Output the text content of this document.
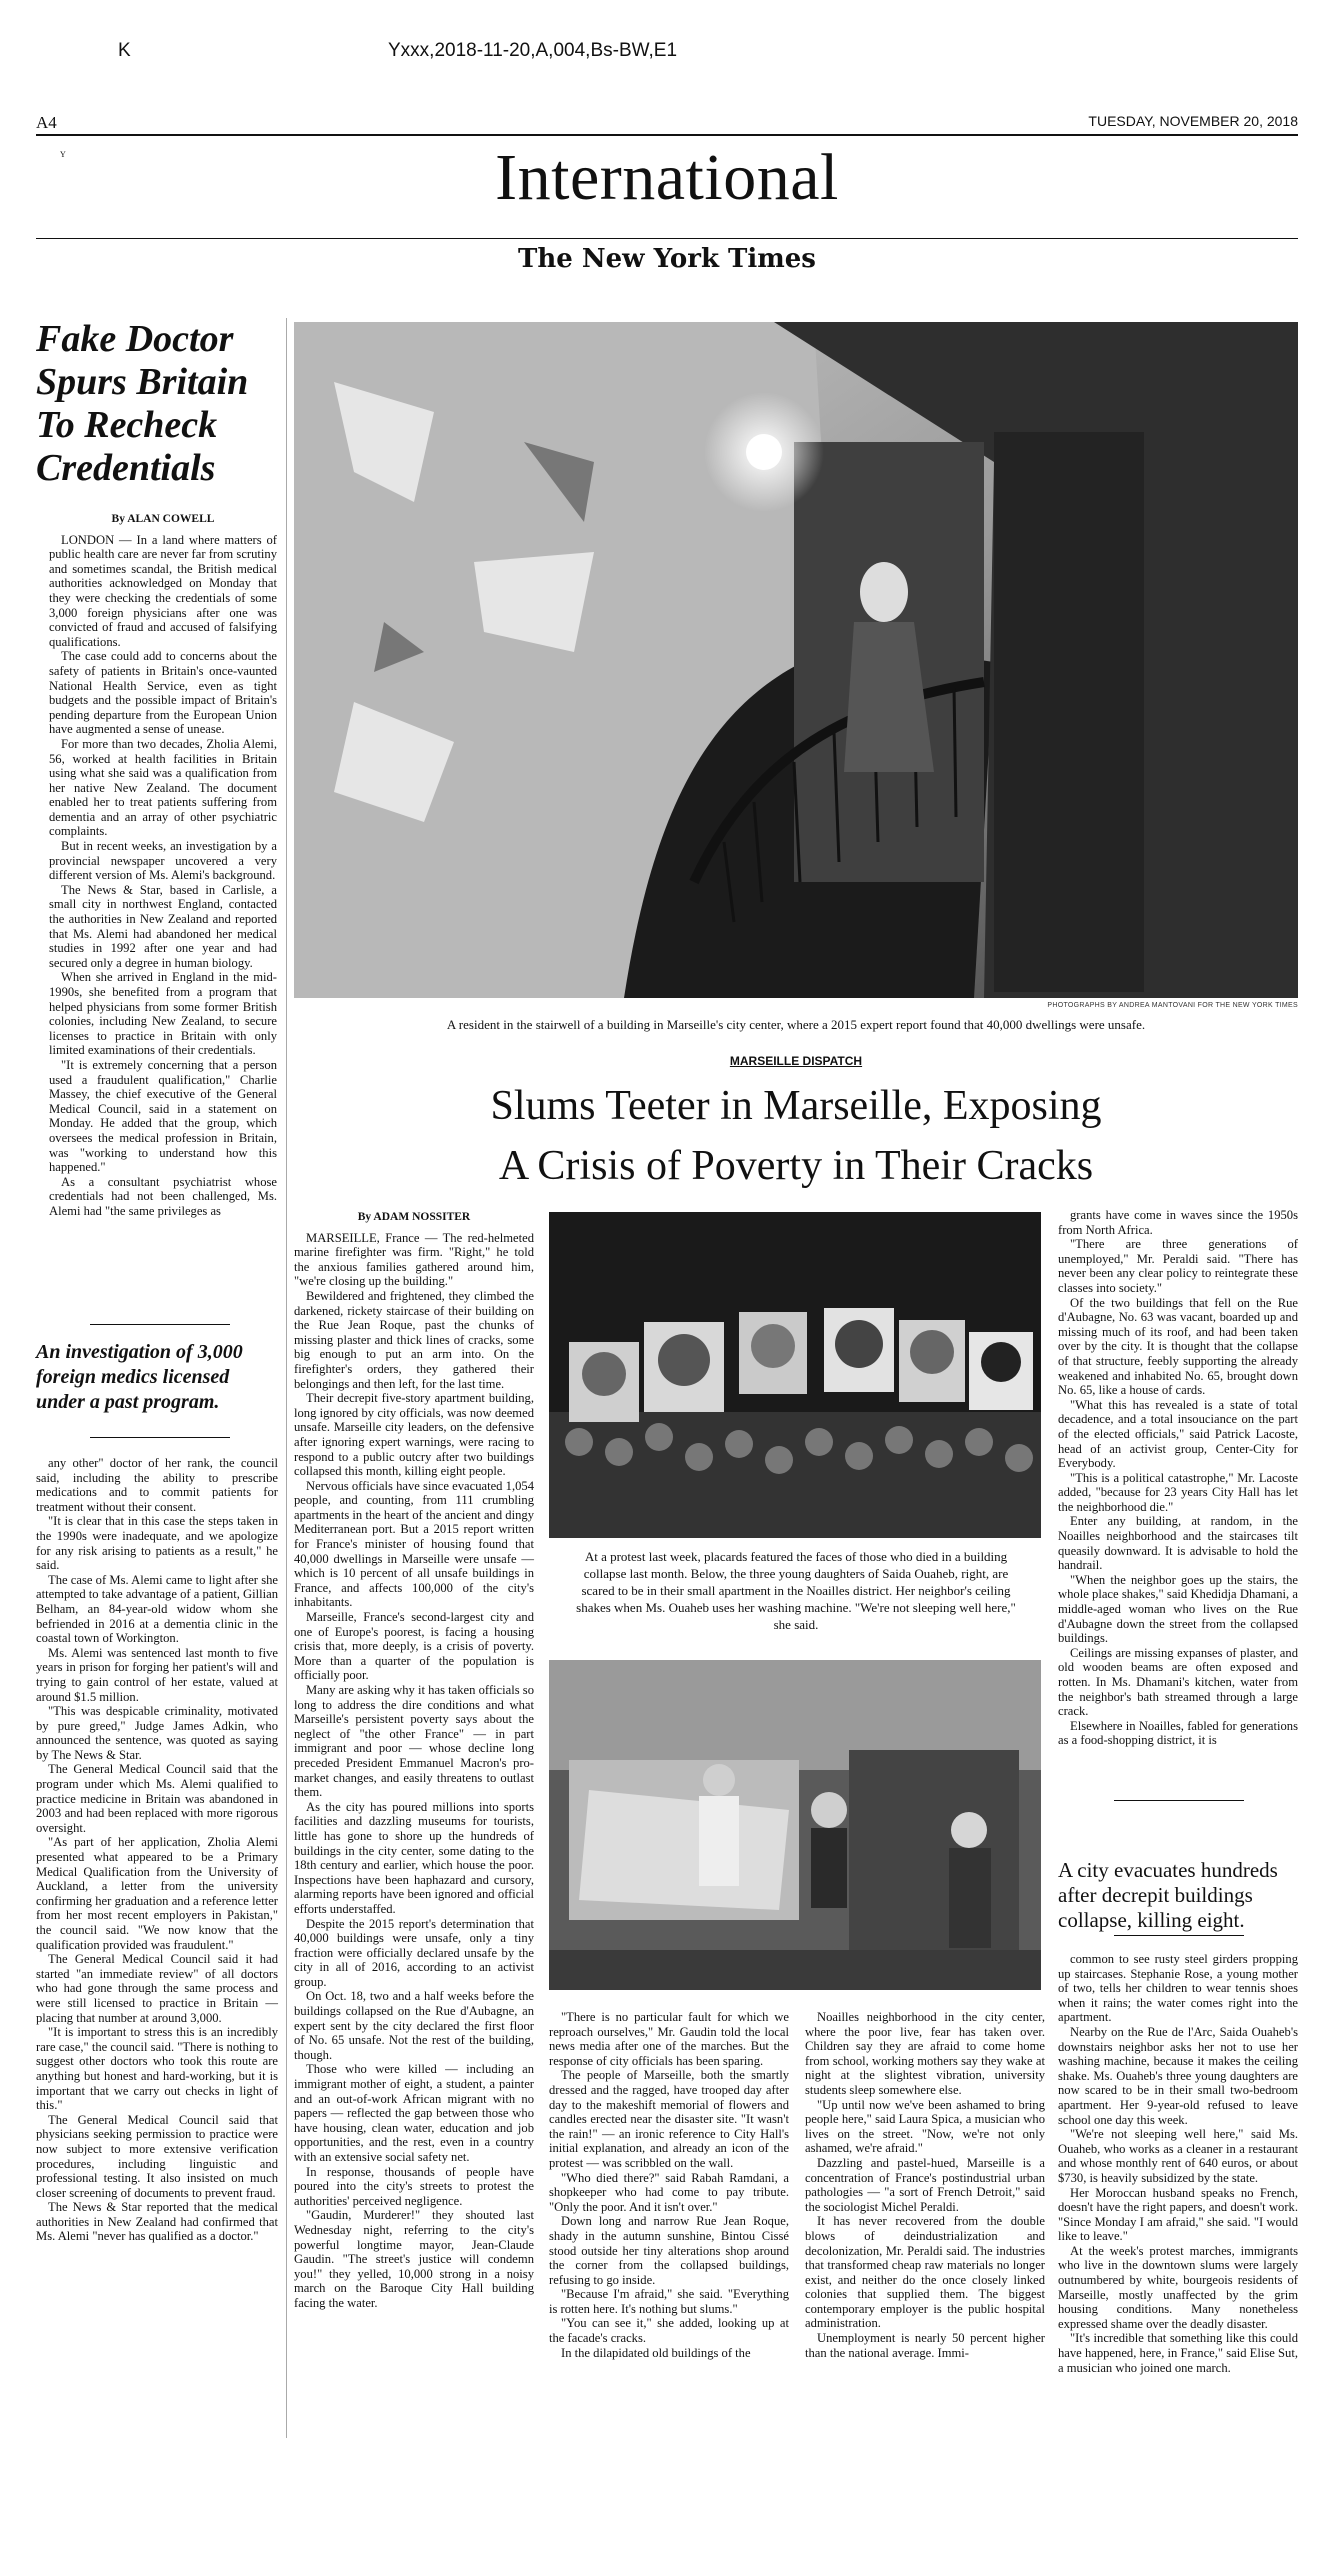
K	Yxxx,2018-11-20,A,004,Bs-BW,E1
A4	TUESDAY, NOVEMBER 20, 2018
Y	International
The New York Times
Fake Doctor Spurs Britain To Recheck Credentials
By ALAN COWELL

LONDON — In a land where matters of public health care are never far from scrutiny and sometimes scandal, the British medical authorities acknowledged on Monday that they were checking the credentials of some 3,000 foreign physicians after one was convicted of fraud and accused of falsifying qualifications.

The case could add to concerns about the safety of patients in Britain's once-vaunted National Health Service, even as tight budgets and the possible impact of Britain's pending departure from the European Union have augmented a sense of unease.

For more than two decades, Zholia Alemi, 56, worked at health facilities in Britain using what she said was a qualification from her native New Zealand. The document enabled her to treat patients suffering from dementia and an array of other psychiatric complaints.

But in recent weeks, an investigation by a provincial newspaper uncovered a very different version of Ms. Alemi's background.

The News & Star, based in Carlisle, a small city in northwest England, contacted the authorities in New Zealand and reported that Ms. Alemi had abandoned her medical studies in 1992 after one year and had secured only a degree in human biology.

When she arrived in England in the mid-1990s, she benefited from a program that helped physicians from some former British colonies, including New Zealand, to secure licenses to practice in Britain with only limited examinations of their credentials.

"It is extremely concerning that a person used a fraudulent qualification," Charlie Massey, the chief executive of the General Medical Council, said in a statement on Monday. He added that the group, which oversees the medical profession in Britain, was "working to understand how this happened."

As a consultant psychiatrist whose credentials had not been challenged, Ms. Alemi had "the same privileges as

An investigation of 3,000 foreign medics licensed under a past program.

any other" doctor of her rank, the council said, including the ability to prescribe medications and to commit patients for treatment without their consent.

"It is clear that in this case the steps taken in the 1990s were inadequate, and we apologize for any risk arising to patients as a result," he said.

The case of Ms. Alemi came to light after she attempted to take advantage of a patient, Gillian Belham, an 84-year-old widow whom she befriended in 2016 at a dementia clinic in the coastal town of Workington.

Ms. Alemi was sentenced last month to five years in prison for forging her patient's will and trying to gain control of her estate, valued at around $1.5 million.

"This was despicable criminality, motivated by pure greed," Judge James Adkin, who announced the sentence, was quoted as saying by The News & Star.

The General Medical Council said that the program under which Ms. Alemi qualified to practice medicine in Britain was abandoned in 2003 and had been replaced with more rigorous oversight.

"As part of her application, Zholia Alemi presented what appeared to be a Primary Medical Qualification from the University of Auckland, a letter from the university confirming her graduation and a reference letter from her most recent employers in Pakistan," the council said. "We now know that the qualification provided was fraudulent."

The General Medical Council said it had started "an immediate review" of all doctors who had gone through the same process and were still licensed to practice in Britain — placing that number at around 3,000.

"It is important to stress this is an incredibly rare case," the council said. "There is nothing to suggest other doctors who took this route are anything but honest and hard-working, but it is important that we carry out checks in light of this."

The General Medical Council said that physicians seeking permission to practice were now subject to more extensive verification procedures, including linguistic and professional testing. It also insisted on much closer screening of documents to prevent fraud.

The News & Star reported that the medical authorities in New Zealand had confirmed that Ms. Alemi "never has qualified as a doctor."

PHOTOGRAPHS BY ANDREA MANTOVANI FOR THE NEW YORK TIMES
A resident in the stairwell of a building in Marseille's city center, where a 2015 expert report found that 40,000 dwellings were unsafe.
MARSEILLE DISPATCH
Slums Teeter in Marseille, Exposing
A Crisis of Poverty in Their Cracks
By ADAM NOSSITER

MARSEILLE, France — The red-helmeted marine firefighter was firm. "Right," he told the anxious families gathered around him, "we're closing up the building."

Bewildered and frightened, they climbed the darkened, rickety staircase of their building on the Rue Jean Roque, past the chunks of missing plaster and thick lines of cracks, some big enough to put an arm into. On the firefighter's orders, they gathered their belongings and then left, for the last time.

Their decrepit five-story apartment building, long ignored by city officials, was now deemed unsafe. Marseille city leaders, on the defensive after ignoring expert warnings, were racing to respond to a public outcry after two buildings collapsed this month, killing eight people.

Nervous officials have since evacuated 1,054 people, and counting, from 111 crumbling apartments in the heart of the ancient and dingy Mediterranean port. But a 2015 report written for France's minister of housing found that 40,000 dwellings in Marseille were unsafe — which is 10 percent of all unsafe buildings in France, and affects 100,000 of the city's inhabitants.

Marseille, France's second-largest city and one of Europe's poorest, is facing a housing crisis that, more deeply, is a crisis of poverty. More than a quarter of the population is officially poor.

Many are asking why it has taken officials so long to address the dire conditions and what Marseille's persistent poverty says about the neglect of "the other France" — in part immigrant and poor — whose decline long preceded President Emmanuel Macron's pro-market changes, and easily threatens to outlast them.

As the city has poured millions into sports facilities and dazzling museums for tourists, little has gone to shore up the hundreds of buildings in the city center, some dating to the 18th century and earlier, which house the poor. Inspections have been haphazard and cursory, alarming reports have been ignored and official efforts understaffed.

Despite the 2015 report's determination that 40,000 buildings were unsafe, only a tiny fraction were officially declared unsafe by the city in all of 2016, according to an activist group.

On Oct. 18, two and a half weeks before the buildings collapsed on the Rue d'Aubagne, an expert sent by the city declared the first floor of No. 65 unsafe. Not the rest of the building, though.

Those who were killed — including an immigrant mother of eight, a student, a painter and an out-of-work African migrant with no papers — reflected the gap between those who have housing, clean water, education and job opportunities, and the rest, even in a country with an extensive social safety net.

In response, thousands of people have poured into the city's streets to protest the authorities' perceived negligence.

"Gaudin, Murderer!" they shouted last Wednesday night, referring to the city's powerful longtime mayor, Jean-Claude Gaudin. "The street's justice will condemn you!" they yelled, 10,000 strong in a noisy march on the Baroque City Hall building facing the water.

At a protest last week, placards featured the faces of those who died in a building collapse last month. Below, the three young daughters of Saida Ouaheb, right, are scared to be in their small apartment in the Noailles district. Her neighbor's ceiling shakes when Ms. Ouaheb uses her washing machine. "We're not sleeping well here," she said.

"There is no particular fault for which we reproach ourselves," Mr. Gaudin told the local news media after one of the marches. But the response of city officials has been sparing.

The people of Marseille, both the smartly dressed and the ragged, have trooped day after day to the makeshift memorial of flowers and candles erected near the disaster site. "It wasn't the rain!" — an ironic reference to City Hall's initial explanation, and already an icon of the protest — was scribbled on the wall.

"Who died there?" said Rabah Ramdani, a shopkeeper who had come to pay tribute. "Only the poor. And it isn't over."

Down long and narrow Rue Jean Roque, shady in the autumn sunshine, Bintou Cissé stood outside her tiny alterations shop around the corner from the collapsed buildings, refusing to go inside.

"Because I'm afraid," she said. "Everything is rotten here. It's nothing but slums."

"You can see it," she added, looking up at the facade's cracks.

In the dilapidated old buildings of the

Noailles neighborhood in the city center, where the poor live, fear has taken over. Children say they are afraid to come home from school, working mothers say they wake at night at the slightest vibration, university students sleep somewhere else.

"Up until now we've been ashamed to bring people here," said Laura Spica, a musician who lives on the street. "Now, we're not only ashamed, we're afraid."

Dazzling and pastel-hued, Marseille is a concentration of France's postindustrial urban pathologies — "a sort of French Detroit," said the sociologist Michel Peraldi.

It has never recovered from the double blows of deindustrialization and decolonization, Mr. Peraldi said. The industries that transformed cheap raw materials no longer exist, and neither do the once closely linked colonies that supplied them. The biggest contemporary employer is the public hospital administration.

Unemployment is nearly 50 percent higher than the national average. Immi-

grants have come in waves since the 1950s from North Africa.

"There are three generations of unemployed," Mr. Peraldi said. "There has never been any clear policy to reintegrate these classes into society."

Of the two buildings that fell on the Rue d'Aubagne, No. 63 was vacant, boarded up and missing much of its roof, and had been taken over by the city. It is thought that the collapse of that structure, feebly supporting the already weakened and inhabited No. 65, brought down No. 65, like a house of cards.

"What this has revealed is a state of total decadence, and a total insouciance on the part of the elected officials," said Patrick Lacoste, head of an activist group, Center-City for Everybody.

"This is a political catastrophe," Mr. Lacoste added, "because for 23 years City Hall has let the neighborhood die."

Enter any building, at random, in the Noailles neighborhood and the staircases tilt queasily downward. It is advisable to hold the handrail.

"When the neighbor goes up the stairs, the whole place shakes," said Khedidja Dhamani, a middle-aged woman who lives on the Rue d'Aubagne down the street from the collapsed buildings.

Ceilings are missing expanses of plaster, and old wooden beams are often exposed and rotten. In Ms. Dhamani's kitchen, water from the neighbor's bath streamed through a large crack.

Elsewhere in Noailles, fabled for generations as a food-shopping district, it is

A city evacuates hundreds after decrepit buildings collapse, killing eight.

common to see rusty steel girders propping up staircases. Stephanie Rose, a young mother of two, tells her children to wear tennis shoes when it rains; the water comes right into the apartment.

Nearby on the Rue de l'Arc, Saida Ouaheb's downstairs neighbor asks her not to use her washing machine, because it makes the ceiling shake. Ms. Ouaheb's three young daughters are now scared to be in their small two-bedroom apartment. Her 9-year-old refused to leave school one day this week.

"We're not sleeping well here," said Ms. Ouaheb, who works as a cleaner in a restaurant and whose monthly rent of 640 euros, or about $730, is heavily subsidized by the state.

Her Moroccan husband speaks no French, doesn't have the right papers, and doesn't work. "Since Monday I am afraid," she said. "I would like to leave."

At the week's protest marches, immigrants who live in the downtown slums were largely outnumbered by white, bourgeois residents of Marseille, mostly unaffected by the grim housing conditions. Many nonetheless expressed shame over the deadly disaster.

"It's incredible that something like this could have happened, here, in France," said Elise Sut, a musician who joined one march.
